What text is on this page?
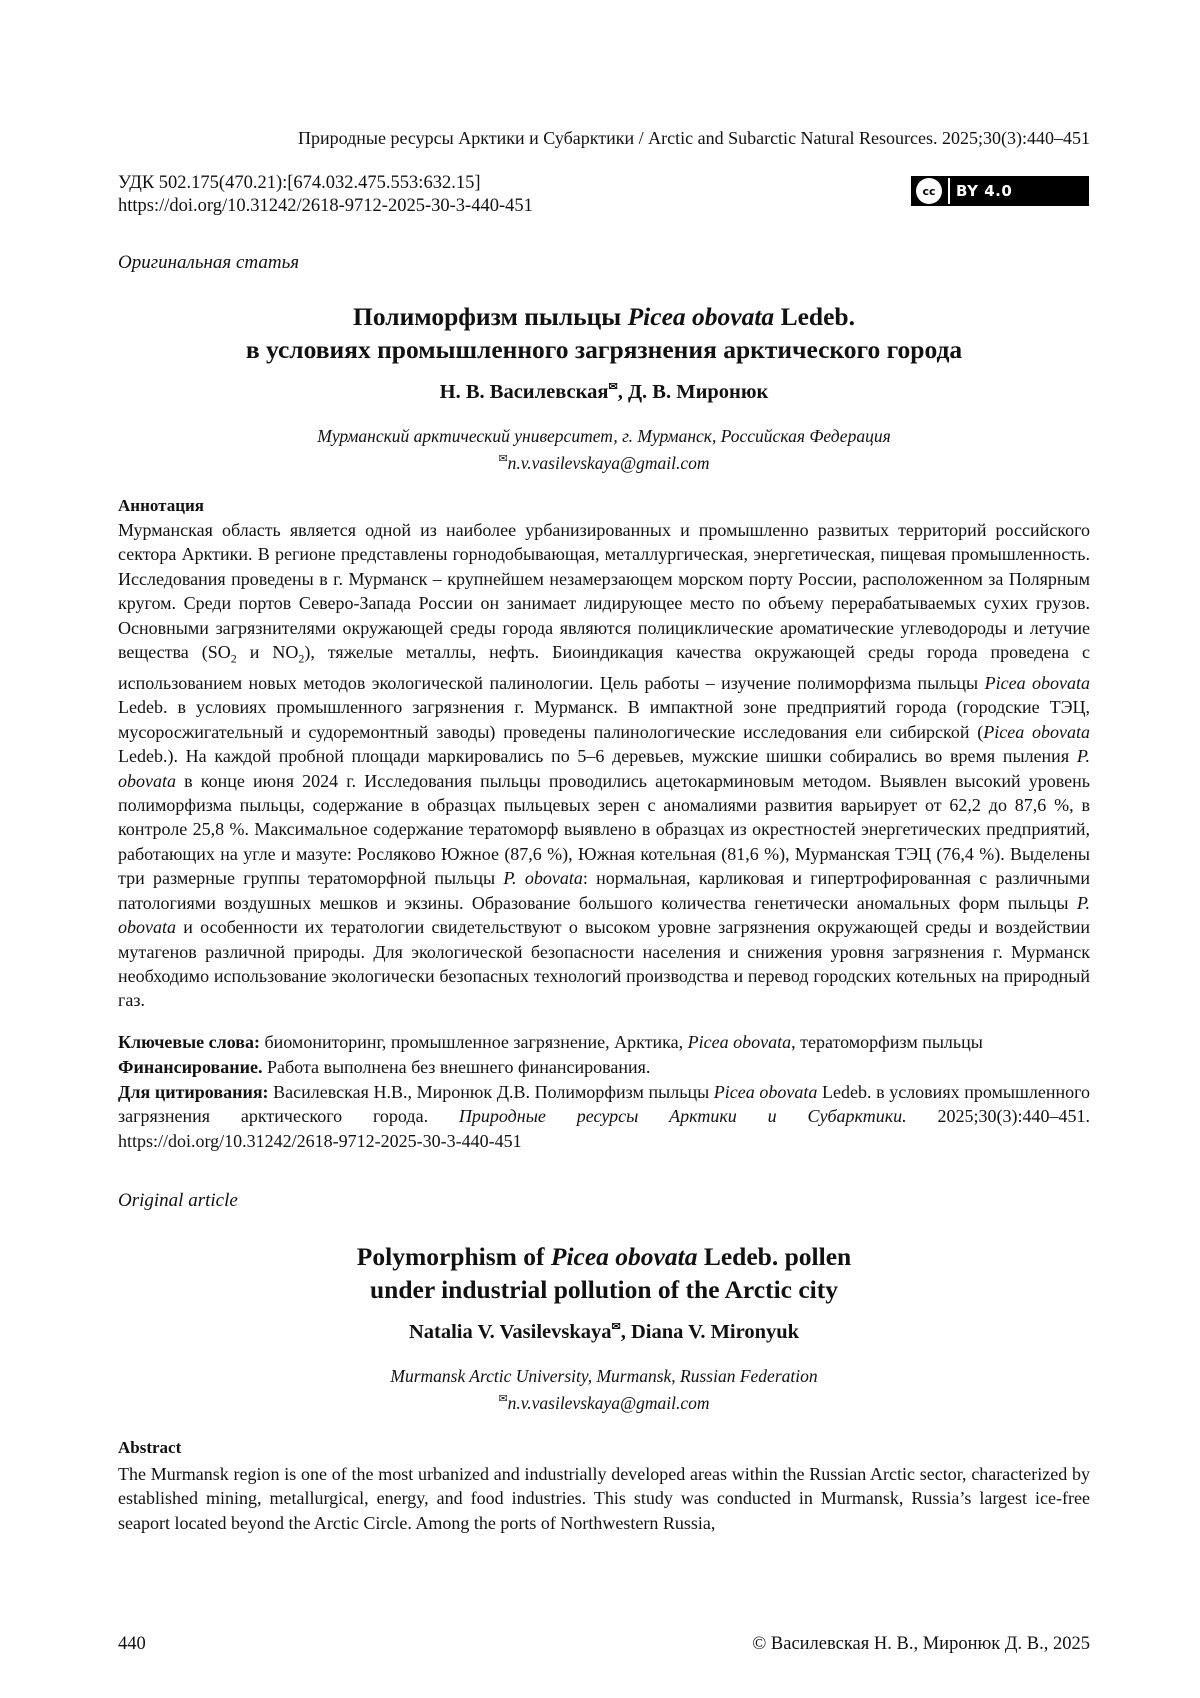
Природные ресурсы Арктики и Субарктики / Arctic and Subarctic Natural Resources. 2025;30(3):440–451
УДК 502.175(470.21):[674.032.475.553:632.15]
https://doi.org/10.31242/2618-9712-2025-30-3-440-451
cc	BY 4.0
Оригинальная статья
Полиморфизм пыльцы Picea obovata Ledeb.
в условиях промышленного загрязнения арктического города
Н. В. Василевская✉, Д. В. Миронюк
Мурманский арктический университет, г. Мурманск, Российская Федерация
✉n.v.vasilevskaya@gmail.com
Аннотация
Мурманская область является одной из наиболее урбанизированных и промышленно развитых территорий российского сектора Арктики. В регионе представлены горнодобывающая, металлургическая, энергетическая, пищевая промышленность. Исследования проведены в г. Мурманск – крупнейшем незамерзающем морском порту России, расположенном за Полярным кругом. Среди портов Северо-Запада России он занимает лидирующее место по объему перерабатываемых сухих грузов. Основными загрязнителями окружающей среды города являются полициклические ароматические углеводороды и летучие вещества ($SO_2$ и $NO_2$), тяжелые металлы, нефть. Биоиндикация качества окружающей среды города проведена с использованием новых методов экологической палинологии. Цель работы – изучение полиморфизма пыльцы Picea obovata Ledeb. в условиях промышленного загрязнения г. Мурманск. В импактной зоне предприятий города (городские ТЭЦ, мусоросжигательный и судоремонтный заводы) проведены палинологические исследования ели сибирской (Picea obovata Ledeb.). На каждой пробной площади маркировались по 5–6 деревьев, мужские шишки собирались во время пыления P. obovata в конце июня 2024 г. Исследования пыльцы проводились ацетокарминовым методом. Выявлен высокий уровень полиморфизма пыльцы, содержание в образцах пыльцевых зерен с аномалиями развития варьирует от 62,2 до 87,6 %, в контроле 25,8 %. Максимальное содержание тератоморф выявлено в образцах из окрестностей энергетических предприятий, работающих на угле и мазуте: Росляково Южное (87,6 %), Южная котельная (81,6 %), Мурманская ТЭЦ (76,4 %). Выделены три размерные группы тератоморфной пыльцы P. obovata: нормальная, карликовая и гипертрофированная с различными патологиями воздушных мешков и экзины. Образование большого количества генетически аномальных форм пыльцы P. obovata и особенности их тератологии свидетельствуют о высоком уровне загрязнения окружающей среды и воздействии мутагенов различной природы. Для экологической безопасности населения и снижения уровня загрязнения г. Мурманск необходимо использование экологически безопасных технологий производства и перевод городских котельных на природный газ.
Ключевые слова: биомониторинг, промышленное загрязнение, Арктика, Picea obovata, тератоморфизм пыльцы
Финансирование. Работа выполнена без внешнего финансирования.
Для цитирования: Василевская Н.В., Миронюк Д.В. Полиморфизм пыльцы Picea obovata Ledeb. в условиях промышленного загрязнения арктического города. Природные ресурсы Арктики и Субарктики. 2025;30(3):440–451. https://doi.org/10.31242/2618-9712-2025-30-3-440-451
Original article
Polymorphism of Picea obovata Ledeb. pollen
under industrial pollution of the Arctic city
Natalia V. Vasilevskaya✉, Diana V. Mironyuk
Murmansk Arctic University, Murmansk, Russian Federation
✉n.v.vasilevskaya@gmail.com
Abstract
The Murmansk region is one of the most urbanized and industrially developed areas within the Russian Arctic sector, characterized by established mining, metallurgical, energy, and food industries. This study was conducted in Murmansk, Russia’s largest ice-free seaport located beyond the Arctic Circle. Among the ports of Northwestern Russia,
440	© Василевская Н. В., Миронюк Д. В., 2025
